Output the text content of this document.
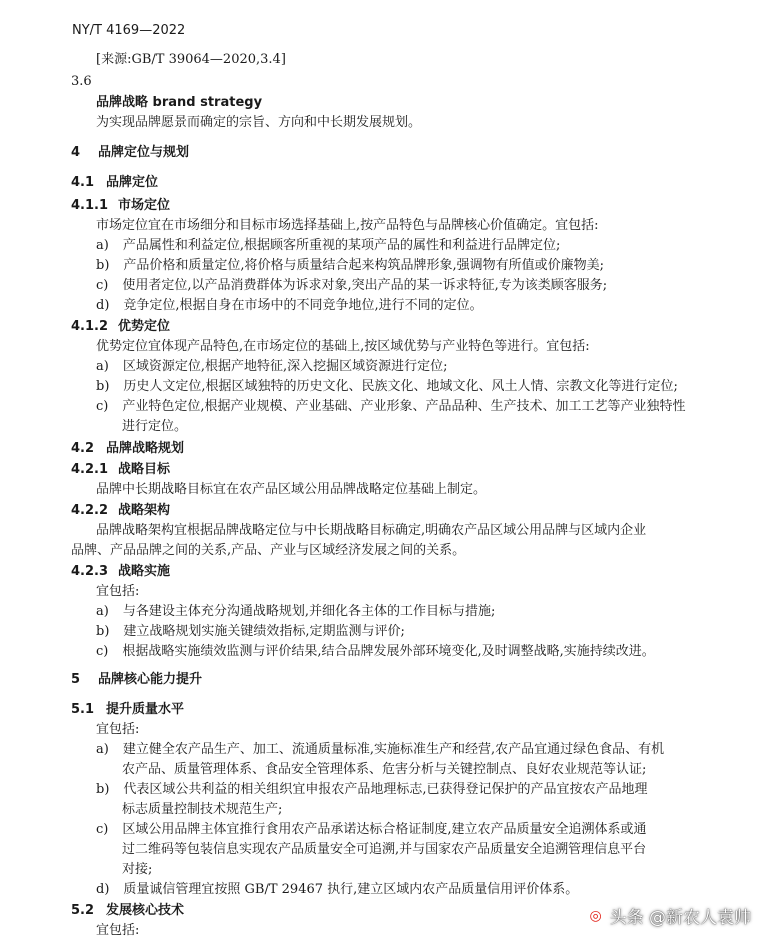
NY/T 4169—2022
[来源:GB/T 39064—2020,3.4]
3.6
品牌战略 brand strategy
为实现品牌愿景而确定的宗旨、方向和中长期发展规划。
4 品牌定位与规划
4.1 品牌定位
4.1.1 市场定位
市场定位宜在市场细分和目标市场选择基础上,按产品特色与品牌核心价值确定。宜包括:
a) 产品属性和利益定位,根据顾客所重视的某项产品的属性和利益进行品牌定位;
b) 产品价格和质量定位,将价格与质量结合起来构筑品牌形象,强调物有所值或价廉物美;
c) 使用者定位,以产品消费群体为诉求对象,突出产品的某一诉求特征,专为该类顾客服务;
d) 竞争定位,根据自身在市场中的不同竞争地位,进行不同的定位。
4.1.2 优势定位
优势定位宜体现产品特色,在市场定位的基础上,按区域优势与产业特色等进行。宜包括:
a) 区域资源定位,根据产地特征,深入挖掘区域资源进行定位;
b) 历史人文定位,根据区域独特的历史文化、民族文化、地域文化、风土人情、宗教文化等进行定位;
c) 产业特色定位,根据产业规模、产业基础、产业形象、产品品种、生产技术、加工工艺等产业独特性
进行定位。
4.2 品牌战略规划
4.2.1 战略目标
品牌中长期战略目标宜在农产品区域公用品牌战略定位基础上制定。
4.2.2 战略架构
品牌战略架构宜根据品牌战略定位与中长期战略目标确定,明确农产品区域公用品牌与区域内企业
品牌、产品品牌之间的关系,产品、产业与区域经济发展之间的关系。
4.2.3 战略实施
宜包括:
a) 与各建设主体充分沟通战略规划,并细化各主体的工作目标与措施;
b) 建立战略规划实施关键绩效指标,定期监测与评价;
c) 根据战略实施绩效监测与评价结果,结合品牌发展外部环境变化,及时调整战略,实施持续改进。
5 品牌核心能力提升
5.1 提升质量水平
宜包括:
a) 建立健全农产品生产、加工、流通质量标准,实施标准生产和经营,农产品宜通过绿色食品、有机
农产品、质量管理体系、食品安全管理体系、危害分析与关键控制点、良好农业规范等认证;
b) 代表区域公共利益的相关组织宜申报农产品地理标志,已获得登记保护的产品宜按农产品地理
标志质量控制技术规范生产;
c) 区域公用品牌主体宜推行食用农产品承诺达标合格证制度,建立农产品质量安全追溯体系或通
过二维码等包装信息实现农产品质量安全可追溯,并与国家农产品质量安全追溯管理信息平台
对接;
d) 质量诚信管理宜按照 GB/T 29467 执行,建立区域内农产品质量信用评价体系。
5.2 发展核心技术
宜包括:
◎ 头条 @新农人袁帅
